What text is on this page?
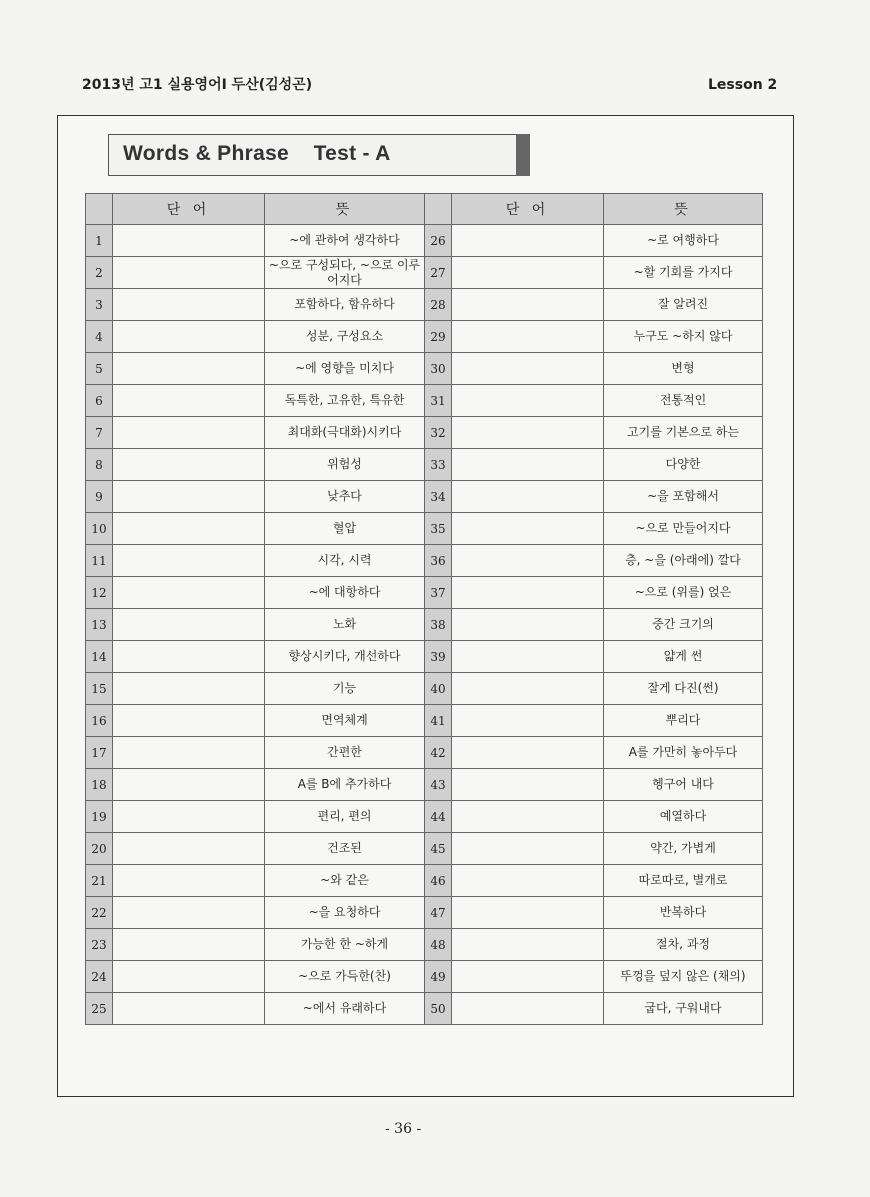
2013년 고1 실용영어I 두산(김성곤)	Lesson 2
Words & Phrase    Test - A
	단 어	뜻		단 어	뜻
1		~에 관하여 생각하다	26		~로 여행하다
2		~으로 구성되다, ~으로 이루어지다	27		~할 기회를 가지다
3		포함하다, 함유하다	28		잘 알려진
4		성분, 구성요소	29		누구도 ~하지 않다
5		~에 영향을 미치다	30		변형
6		독특한, 고유한, 특유한	31		전통적인
7		최대화(극대화)시키다	32		고기를 기본으로 하는
8		위험성	33		다양한
9		낮추다	34		~을 포함해서
10		혈압	35		~으로 만들어지다
11		시각, 시력	36		층, ~을 (아래에) 깔다
12		~에 대항하다	37		~으로 (위를) 얹은
13		노화	38		중간 크기의
14		향상시키다, 개선하다	39		얇게 썬
15		기능	40		잘게 다진(썬)
16		면역체계	41		뿌리다
17		간편한	42		A를 가만히 놓아두다
18		A를 B에 추가하다	43		헹구어 내다
19		편리, 편의	44		예열하다
20		건조된	45		약간, 가볍게
21		~와 같은	46		따로따로, 별개로
22		~을 요청하다	47		반복하다
23		가능한 한 ~하게	48		절차, 과정
24		~으로 가득한(찬)	49		뚜껑을 덮지 않은 (채의)
25		~에서 유래하다	50		굽다, 구워내다
- 36 -
